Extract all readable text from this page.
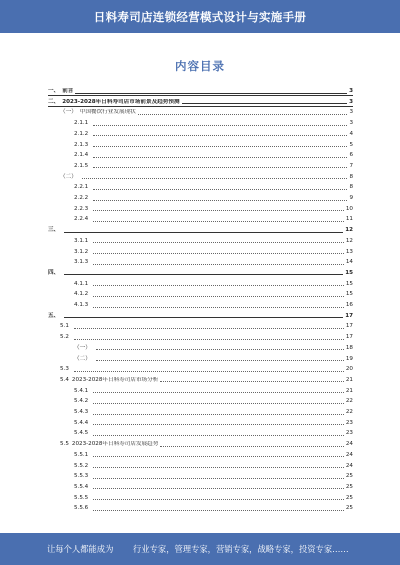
日料寿司店连锁经营模式设计与实施手册
内容目录
一、 前言	3
二、 2023-2028年日料寿司店市场前景及趋势预测	3
（一） 中国餐饮行业发展现状	3
2.1.1	3
2.1.2	4
2.1.3	5
2.1.4	6
2.1.5	7
（二）	8
2.2.1	8
2.2.2	9
2.2.3	10
2.2.4	11
三、	12
3.1.1	12
3.1.2	13
3.1.3	14
四、	15
4.1.1	15
4.1.2	15
4.1.3	16
五、	17
5.1	17
5.2	17
（一）	18
（二）	19
5.3	20
5.4 2023-2028年日料寿司店市场分析	21
5.4.1	21
5.4.2	22
5.4.3	22
5.4.4	23
5.4.5	23
5.5 2023-2028年日料寿司店发展趋势	24
5.5.1	24
5.5.2	24
5.5.3	25
5.5.4	25
5.5.5	25
5.5.6	25
让每个人都能成为 行业专家，管理专家，营销专家，战略专家，投资专家……
